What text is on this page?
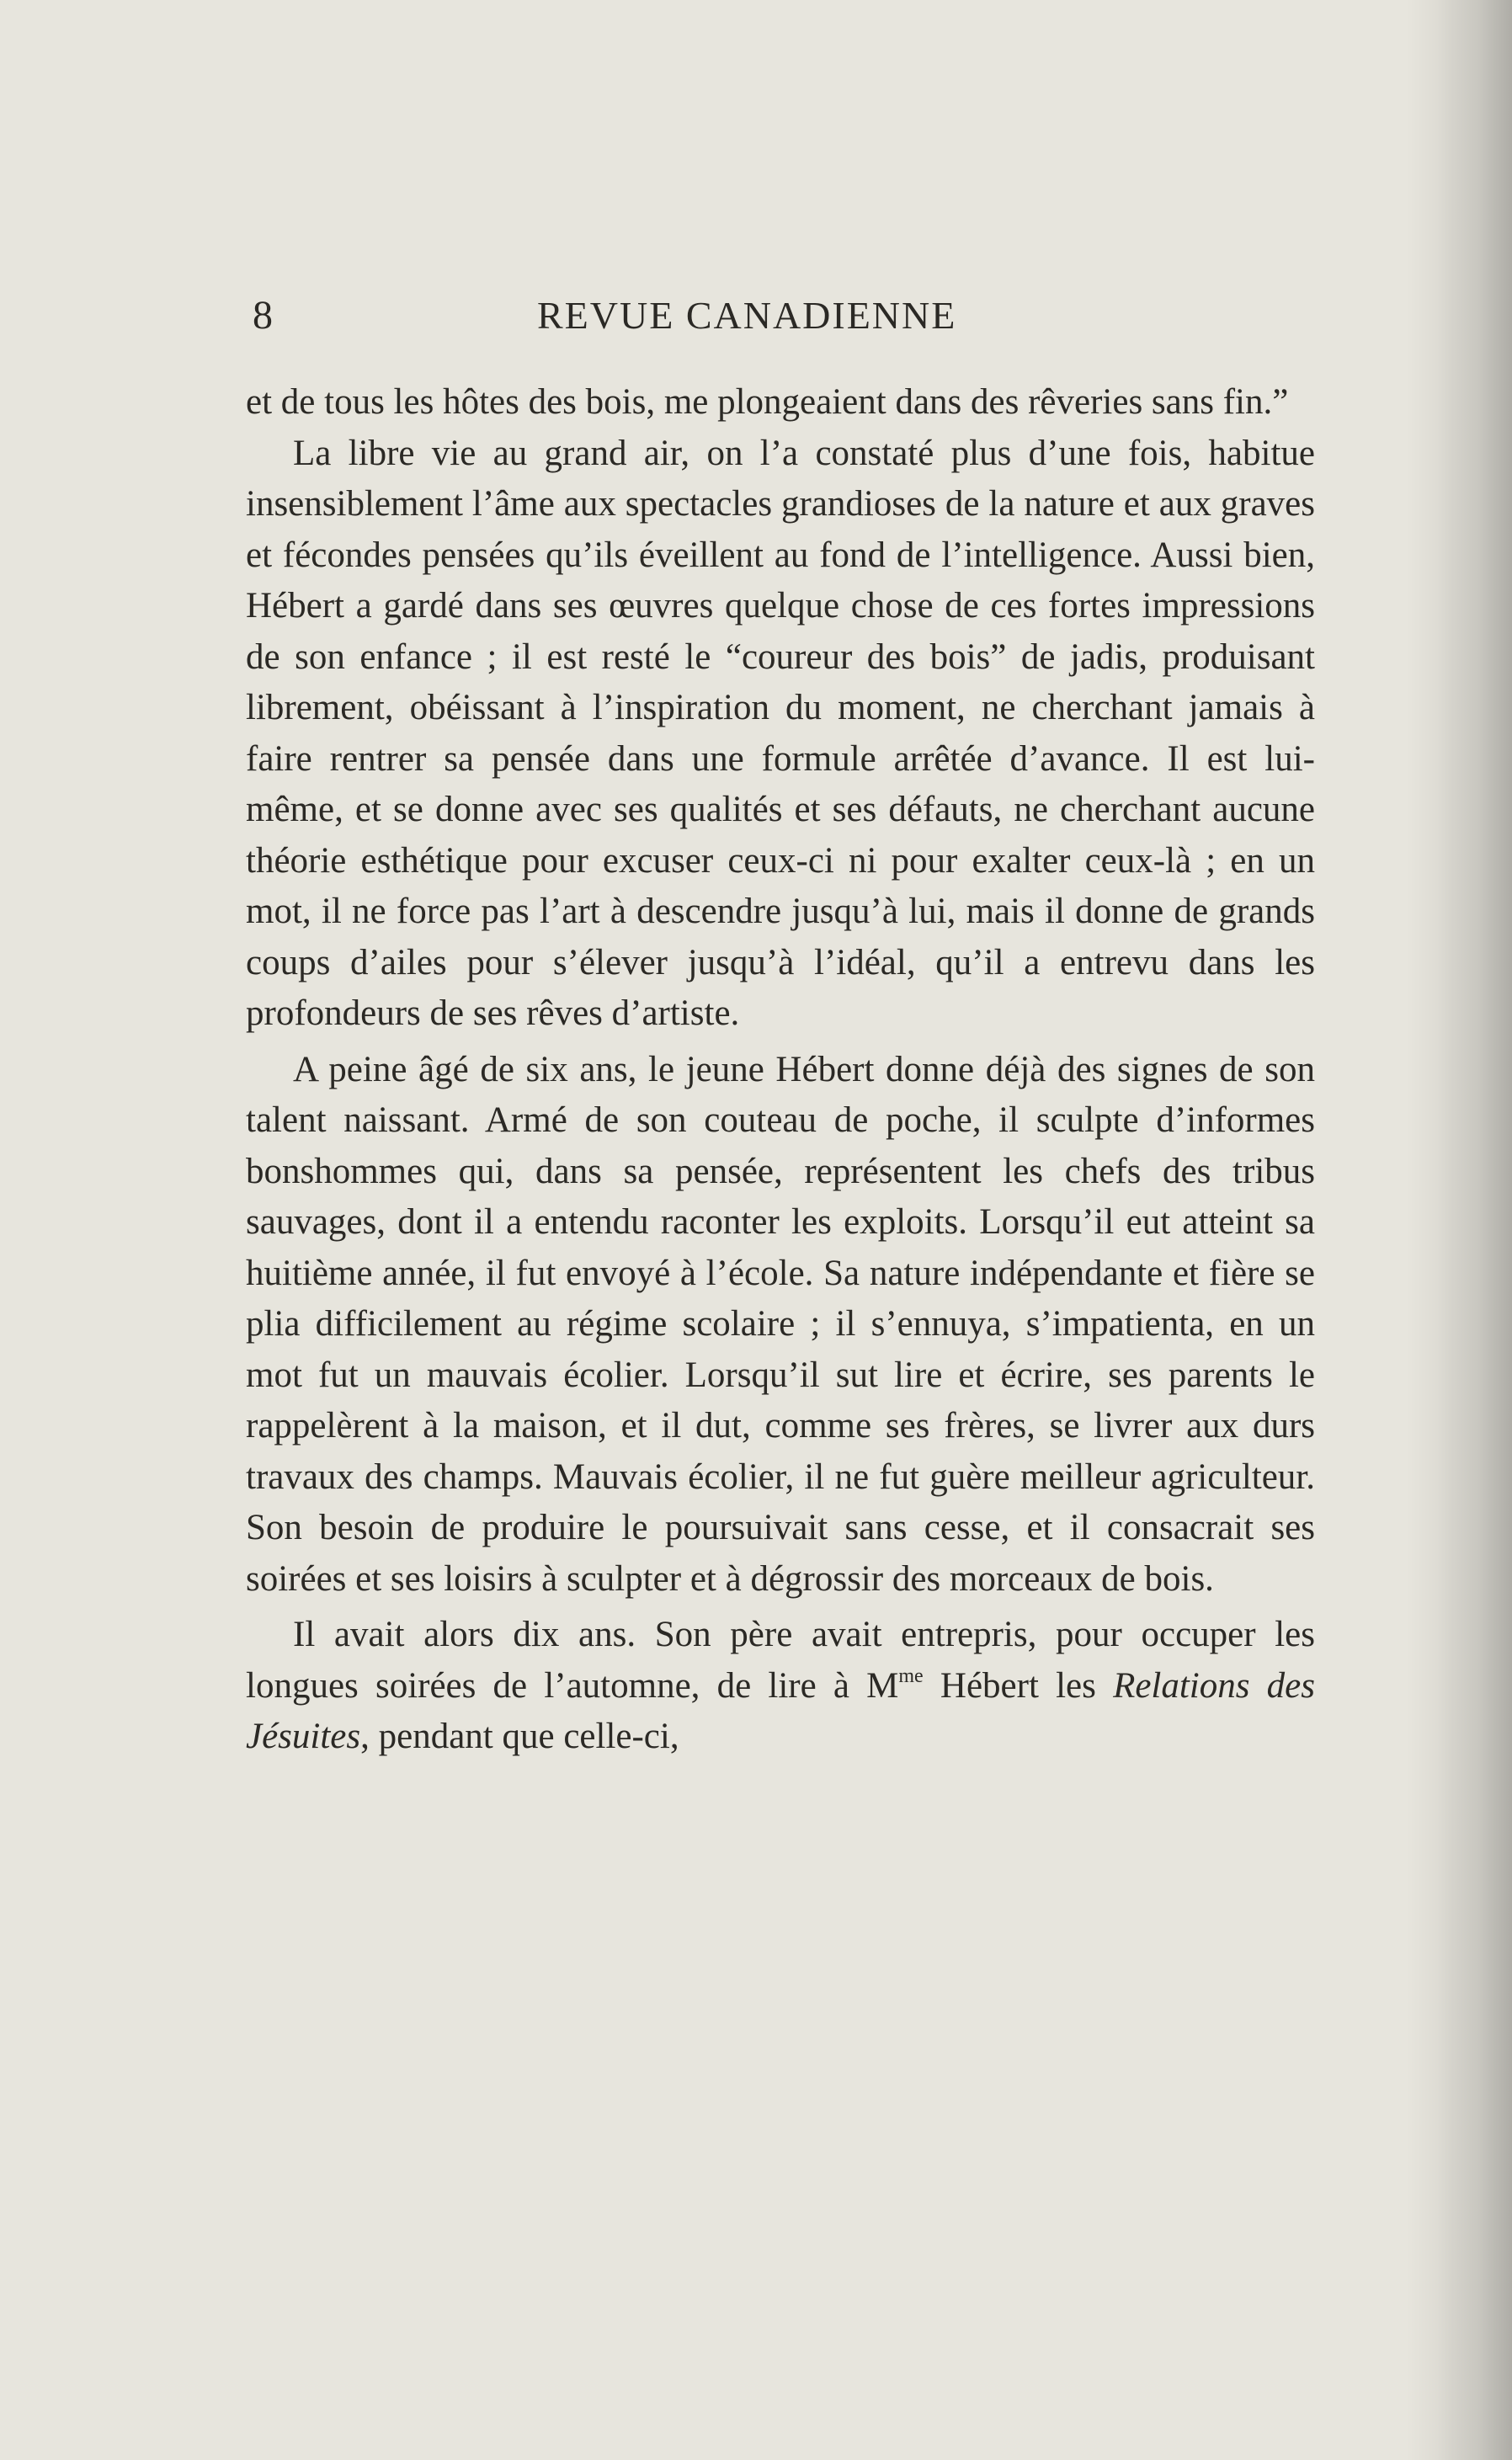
8	REVUE CANADIENNE

et de tous les hôtes des bois, me plongeaient dans des rêveries sans fin.”

La libre vie au grand air, on l’a constaté plus d’une fois, habitue insensiblement l’âme aux spectacles grandioses de la nature et aux graves et fécondes pensées qu’ils éveillent au fond de l’intelligence. Aussi bien, Hébert a gardé dans ses œuvres quelque chose de ces fortes impressions de son enfance ; il est resté le “coureur des bois” de jadis, produisant librement, obéissant à l’inspiration du moment, ne cherchant jamais à faire rentrer sa pensée dans une formule arrêtée d’avance. Il est lui-même, et se donne avec ses qualités et ses défauts, ne cherchant aucune théorie esthétique pour excuser ceux-ci ni pour exalter ceux-là ; en un mot, il ne force pas l’art à descendre jusqu’à lui, mais il donne de grands coups d’ailes pour s’élever jusqu’à l’idéal, qu’il a entrevu dans les profondeurs de ses rêves d’artiste.

A peine âgé de six ans, le jeune Hébert donne déjà des signes de son talent naissant. Armé de son couteau de poche, il sculpte d’informes bonshommes qui, dans sa pensée, représentent les chefs des tribus sauvages, dont il a entendu raconter les exploits. Lorsqu’il eut atteint sa huitième année, il fut envoyé à l’école. Sa nature indépendante et fière se plia difficilement au régime scolaire ; il s’ennuya, s’impatienta, en un mot fut un mauvais écolier. Lorsqu’il sut lire et écrire, ses parents le rappelèrent à la maison, et il dut, comme ses frères, se livrer aux durs travaux des champs. Mauvais écolier, il ne fut guère meilleur agriculteur. Son besoin de produire le poursuivait sans cesse, et il consacrait ses soirées et ses loisirs à sculpter et à dégrossir des morceaux de bois.

Il avait alors dix ans. Son père avait entrepris, pour occuper les longues soirées de l’automne, de lire à $M^{me}$ Hébert les Relations des Jésuites, pendant que celle-ci,
